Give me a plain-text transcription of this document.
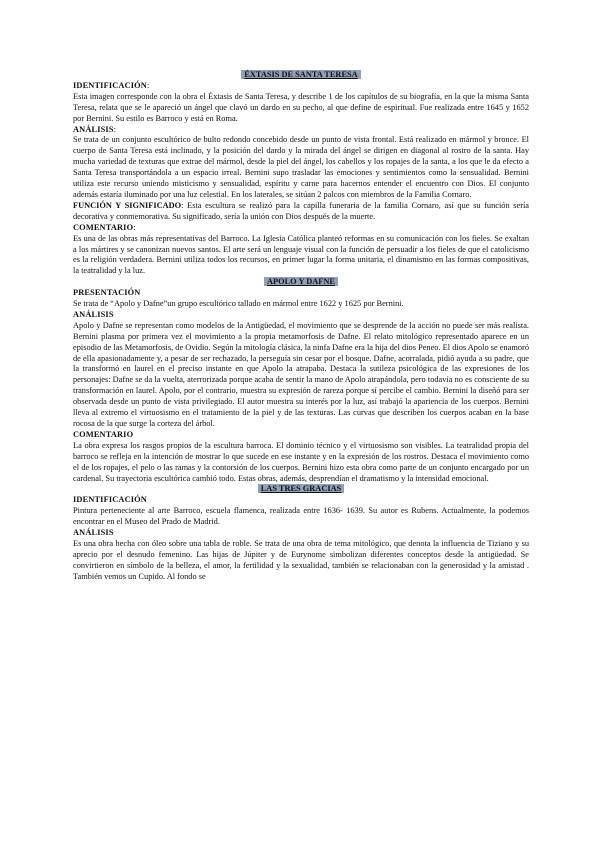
ÉXTASIS DE SANTA TERESA

IDENTIFICACIÓN:

Esta imagen corresponde con la obra el Éxtasis de Santa Teresa, y describe 1 de los capítulos de su biografía, en la que la misma Santa Teresa, relata que se le apareció un ángel que clavó un dardo en su pecho, al que define de espiritual. Fue realizada entre 1645 y 1652 por Bernini. Su estilo es Barroco y está en Roma.

ANÁLISIS:

Se trata de un conjunto escultórico de bulto redondo concebido desde un punto de vista frontal. Está realizado en mármol y bronce. El cuerpo de Santa Teresa está inclinado, y la posición del dardo y la mirada del ángel se dirigen en diagonal al rostro de la santa. Hay mucha variedad de texturas que extrae del mármol, desde la piel del ángel, los cabellos y los ropajes de la santa, a los que le da efecto a Santa Teresa transportándola a un espacio irreal. Bernini supo trasladar las emociones y sentimientos como la sensualidad. Bernini utiliza este recurso uniendo misticismo y sensualidad, espíritu y carne para hacernos entender el encuentro con Dios. El conjunto además estaría iluminado por una luz celestial. En los laterales, se sitúan 2 palcos con miembros de la Familia Cornaro.

FUNCIÓN Y SIGNIFICADO: Esta escultura se realizó para la capilla funeraria de la familia Cornaro, así que su función sería decorativa y conmemorativa. Su significado, sería la unión con Dios después de la muerte.

COMENTARIO:

Es una de las obras más representativas del Barroco. La Iglesia Católica planteó reformas en su comunicación con los fieles. Se exaltan a los mártires y se canonizan nuevos santos. El arte será un lenguaje visual con la función de persuadir a los fieles de que el catolicismo es la religión verdadera. Bernini utiliza todos los recursos, en primer lugar la forma unitaria, el dinamismo en las formas compositivas, la teatralidad y la luz.

APOLO Y DAFNE

PRESENTACIÓN

Se trata de “Apolo y Dafne”un grupo escultórico tallado en mármol entre 1622 y 1625 por Bernini.

ANÁLISIS

Apolo y Dafne se representan como modelos de la Antigüedad, el movimiento que se desprende de la acción no puede ser más realista. Bernini plasma por primera vez el movimiento a la propia metamorfosis de Dafne. El relato mitológico representado aparece en un episodio de las Metamorfosis, de Ovidio. Según la mitología clásica, la ninfa Dafne era la hija del dios Peneo. El dios Apolo se enamoró de ella apasionadamente y, a pesar de ser rechazado, la perseguía sin cesar por el bosque. Dafne, acorralada, pidió ayuda a su padre, que la transformó en laurel en el preciso instante en que Apolo la atrapaba. Destaca la sutileza psicológica de las expresiones de los personajes: Dafne se da la vuelta, aterrorizada porque acaba de sentir la mano de Apolo atrapándola, pero todavía no es consciente de su transformación en laurel. Apolo, por el contrario, muestra su expresión de rareza porque sí percibe el cambio. Bernini la diseñó para ser observada desde un punto de vista privilegiado. El autor muestra su interés por la luz, así trabajó la apariencia de los cuerpos. Bernini lleva al extremo el virtuosismo en el tratamiento de la piel y de las texturas. Las curvas que describen los cuerpos acaban en la base rocosa de la que surge la corteza del árbol.

COMENTARIO

La obra expresa los rasgos propios de la escultura barroca. El dominio técnico y el virtuosismo son visibles. La teatralidad propia del barroco se refleja en la intención de mostrar lo que sucede en ese instante y en la expresión de los rostros. Destaca el movimiento como el de los ropajes, el pelo o las ramas y la contorsión de los cuerpos. Bernini hizo esta obra como parte de un conjunto encargado por un cardenal. Su trayectoria escultórica cambió todo. Estas obras, además, desprendían el dramatismo y la intensidad emocional.

LAS TRES GRACIAS

IDENTIFICACIÓN

Pintura perteneciente al arte Barroco, escuela flamenca, realizada entre 1636- 1639. Su autor es Rubens. Actualmente, la podemos encontrar en el Museo del Prado de Madrid.

ANÁLISIS

Es una obra hecha con óleo sobre una tabla de roble. Se trata de una obra de tema mitológico, que denota la influencia de Tiziano y su aprecio por el desnudo femenino. Las hijas de Júpiter y de Eurynome simbolizan diferentes conceptos desde la antigüedad. Se convirtieron en símbolo de la belleza, el amor, la fertilidad y la sexualidad, también se relacionaban con la generosidad y la amistad . También vemos un Cupido. Al fondo se
